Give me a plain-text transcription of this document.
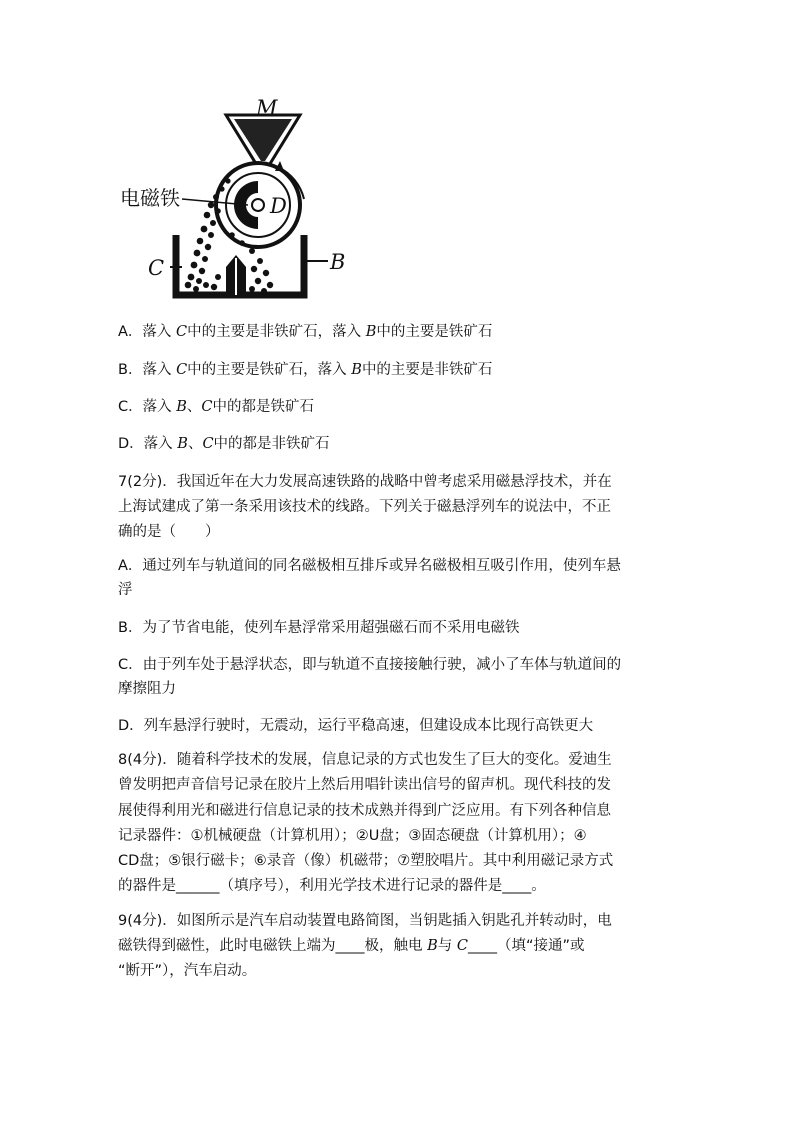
M
D
电磁铁
C	B
A．落入 C中的主要是非铁矿石，落入 B中的主要是铁矿石
B．落入 C中的主要是铁矿石，落入 B中的主要是非铁矿石
C．落入 B、C中的都是铁矿石
D．落入 B、C中的都是非铁矿石
7(2分)．我国近年在大力发展高速铁路的战略中曾考虑采用磁悬浮技术，并在
上海试建成了第一条采用该技术的线路。下列关于磁悬浮列车的说法中，不正
确的是（　　）
A．通过列车与轨道间的同名磁极相互排斥或异名磁极相互吸引作用，使列车悬
浮
B．为了节省电能，使列车悬浮常采用超强磁石而不采用电磁铁
C．由于列车处于悬浮状态，即与轨道不直接接触行驶，减小了车体与轨道间的
摩擦阻力
D．列车悬浮行驶时，无震动，运行平稳高速，但建设成本比现行高铁更大
8(4分)．随着科学技术的发展，信息记录的方式也发生了巨大的变化。爱迪生
曾发明把声音信号记录在胶片上然后用唱针读出信号的留声机。现代科技的发
展使得利用光和磁进行信息记录的技术成熟并得到广泛应用。有下列各种信息
记录器件：①机械硬盘（计算机用）；②U盘；③固态硬盘（计算机用）；④
CD盘；⑤银行磁卡；⑥录音（像）机磁带；⑦塑胶唱片。其中利用磁记录方式
的器件是______（填序号），利用光学技术进行记录的器件是____。
9(4分)．如图所示是汽车启动装置电路简图，当钥匙插入钥匙孔并转动时，电
磁铁得到磁性，此时电磁铁上端为____极，触电 B与 C____（填“接通”或
“断开”），汽车启动。
